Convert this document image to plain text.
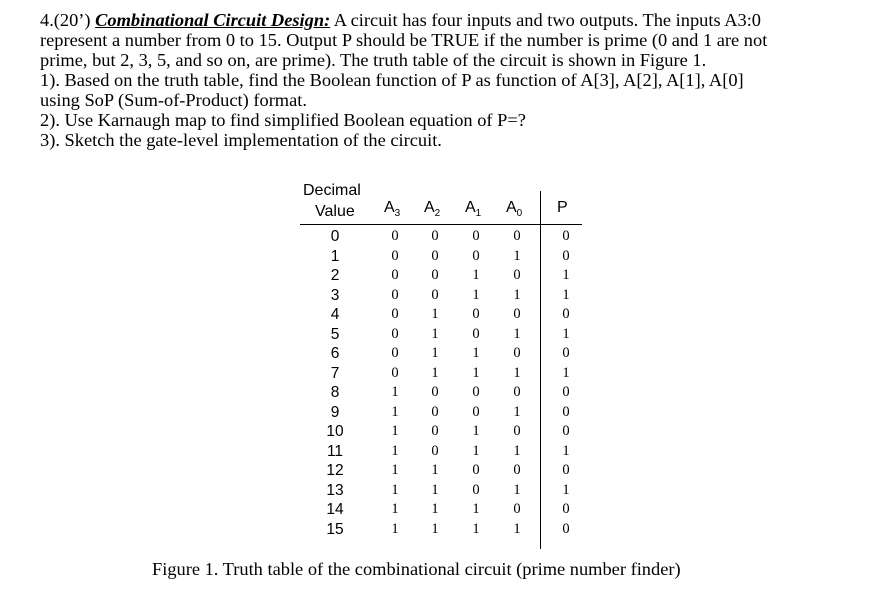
4.(20’) Combinational Circuit Design: A circuit has four inputs and two outputs. The inputs A3:0
represent a number from 0 to 15. Output P should be TRUE if the number is prime (0 and 1 are not
prime, but 2, 3, 5, and so on, are prime). The truth table of the circuit is shown in Figure 1.

1). Based on the truth table, find the Boolean function of P as function of A[3], A[2], A[1], A[0]
using SoP (Sum-of-Product) format.

2). Use Karnaugh map to find simplified Boolean equation of P=?

3). Sketch the gate-level implementation of the circuit.

Decimal
Value $A_3$ $A_2$ $A_1$ $A_0$ P
0	0	0	0	0	0
1	0	0	0	1	0
2	0	0	1	0	1
3	0	0	1	1	1
4	0	1	0	0	0
5	0	1	0	1	1
6	0	1	1	0	0
7	0	1	1	1	1
8	1	0	0	0	0
9	1	0	0	1	0
10	1	0	1	0	0
11	1	0	1	1	1
12	1	1	0	0	0
13	1	1	0	1	1
14	1	1	1	0	0
15	1	1	1	1	0
Figure 1. Truth table of the combinational circuit (prime number finder)
